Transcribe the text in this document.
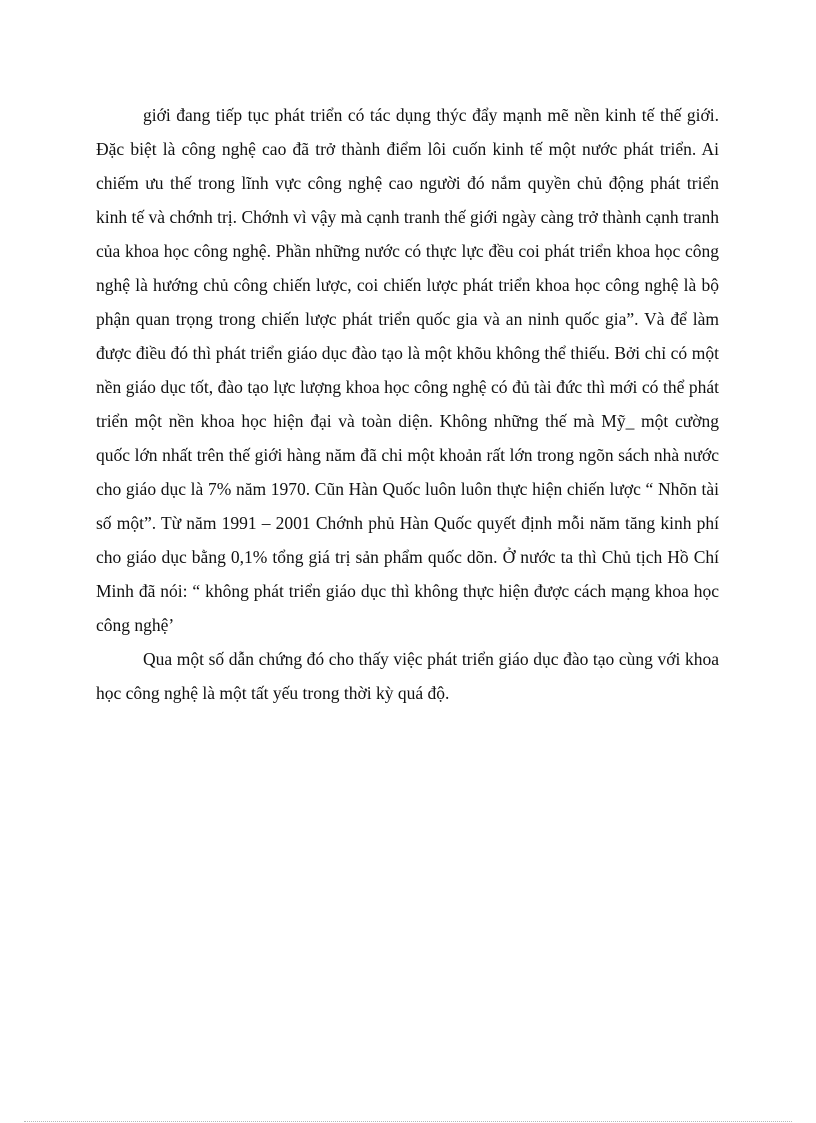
giới đang tiếp tục phát triển có tác dụng thýc đẩy mạnh mẽ nền kinh tế thế giới. Đặc biệt là công nghệ cao đã trở thành điểm lôi cuốn kinh tế một nước phát triển. Ai chiếm ưu thế trong lĩnh vực công nghệ cao người đó nắm quyền chủ động phát triển kinh tế và chớnh trị. Chớnh vì vậy mà cạnh tranh thế giới ngày càng trở thành cạnh tranh của khoa học công nghệ. Phần những nước có thực lực đều coi phát triển khoa học công nghệ là hướng chủ công chiến lược, coi chiến lược phát triển khoa học công nghệ là bộ phận quan trọng trong chiến lược phát triển quốc gia và an ninh quốc gia”. Và để làm được điều đó thì phát triển giáo dục đào tạo là một khõu không thể thiếu. Bởi chỉ có một nền giáo dục tốt, đào tạo lực lượng khoa học công nghệ có đủ tài đức thì mới có thể phát triển một nền khoa học hiện đại và toàn diện. Không những thế mà Mỹ_ một cường quốc lớn nhất trên thế giới hàng năm đã chi một khoản rất lớn trong ngõn sách nhà nước cho giáo dục là 7% năm 1970. Cũn Hàn Quốc luôn luôn thực hiện chiến lược “ Nhõn tài số một”. Từ năm 1991 – 2001 Chớnh phủ Hàn Quốc quyết định mỗi năm tăng kinh phí cho giáo dục bằng 0,1% tổng giá trị sản phẩm quốc dõn. Ở nước ta thì Chủ tịch Hồ Chí Minh đã nói: “ không phát triển giáo dục thì không thực hiện được cách mạng khoa học công nghệ’

Qua một số dẫn chứng đó cho thấy việc phát triển giáo dục đào tạo cùng với khoa học công nghệ là một tất yếu trong thời kỳ quá độ.
